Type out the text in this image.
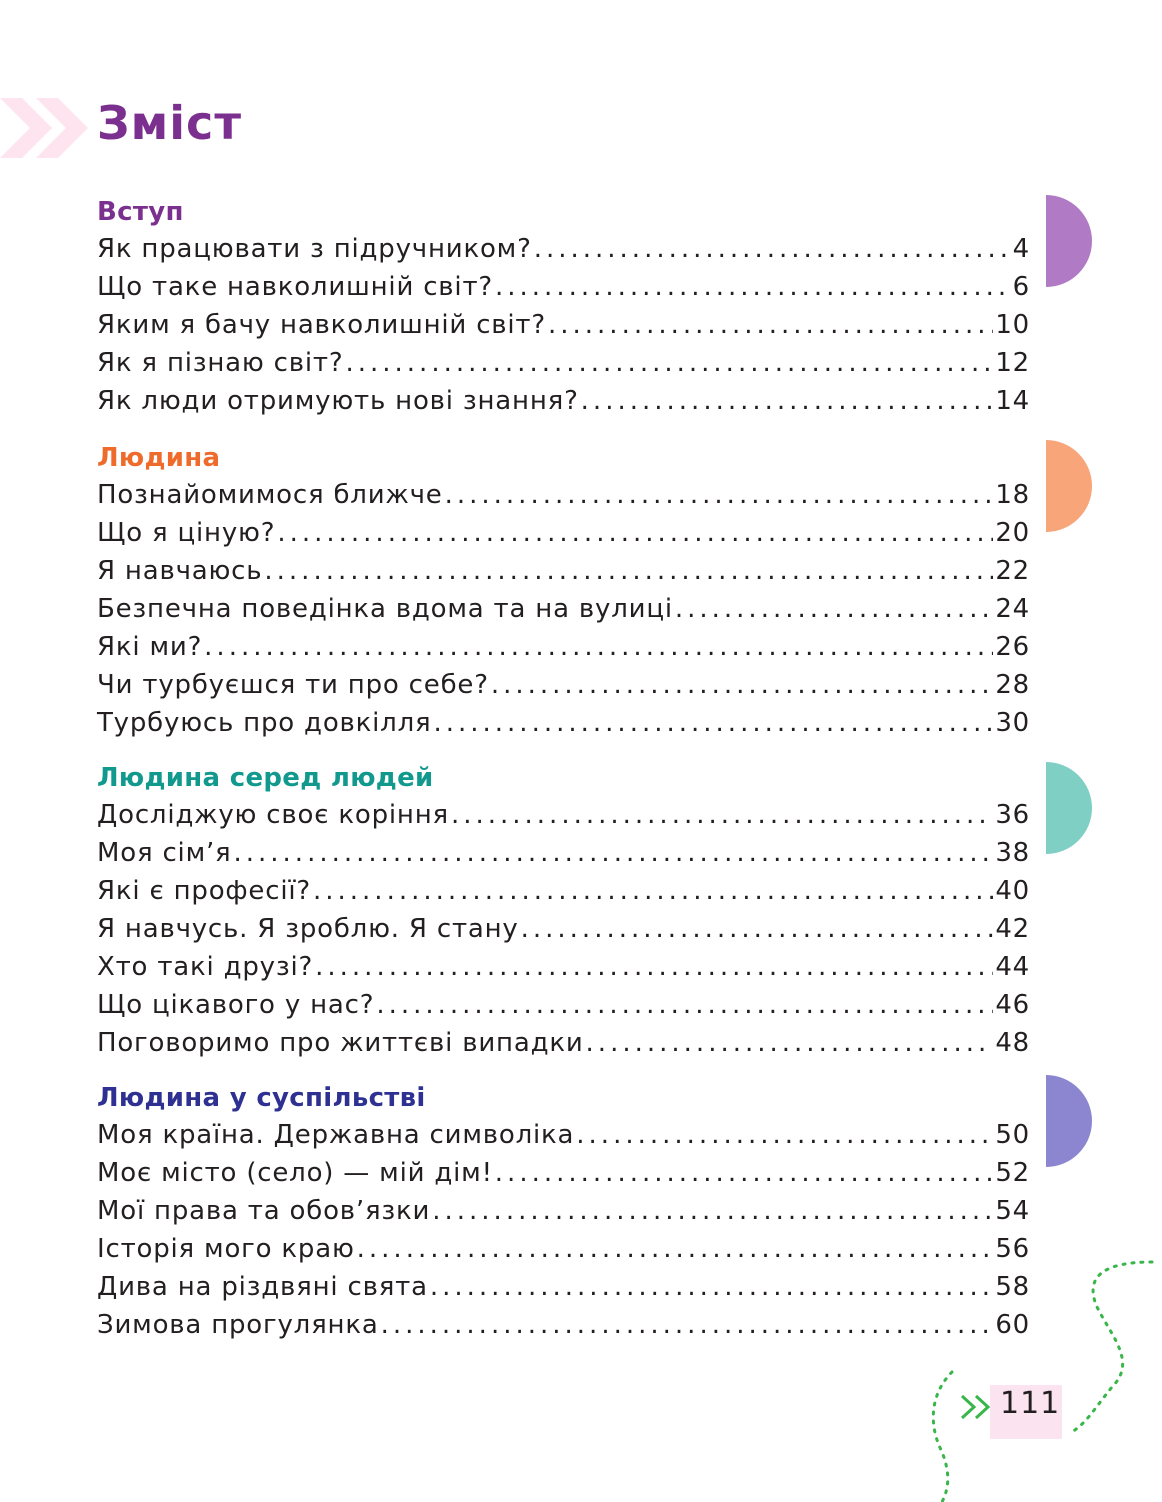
Зміст
Вступ
Як працювати з підручником? .....	4
Що таке навколишній світ? .....	6
Яким я бачу навколишній світ? .....	10
Як я пізнаю світ? .....	12
Як люди отримують нові знання? .....	14
Людина
Познайомимося ближче .....	18
Що я ціную? .....	20
Я навчаюсь .....	22
Безпечна поведінка вдома та на вулиці .....	24
Які ми? .....	26
Чи турбуєшся ти про себе? .....	28
Турбуюсь про довкілля .....	30
Людина серед людей
Досліджую своє коріння .....	36
Моя сім’я .....	38
Які є професії? .....	40
Я навчусь. Я зроблю. Я стану .....	42
Хто такі друзі? .....	44
Що цікавого у нас? .....	46
Поговоримо про життєві випадки .....	48
Людина у суспільстві
Моя країна. Державна символіка .....	50
Моє місто (село) — мій дім! .....	52
Мої права та обов’язки .....	54
Історія мого краю .....	56
Дива на різдвяні свята .....	58
Зимова прогулянка .....	60
111
